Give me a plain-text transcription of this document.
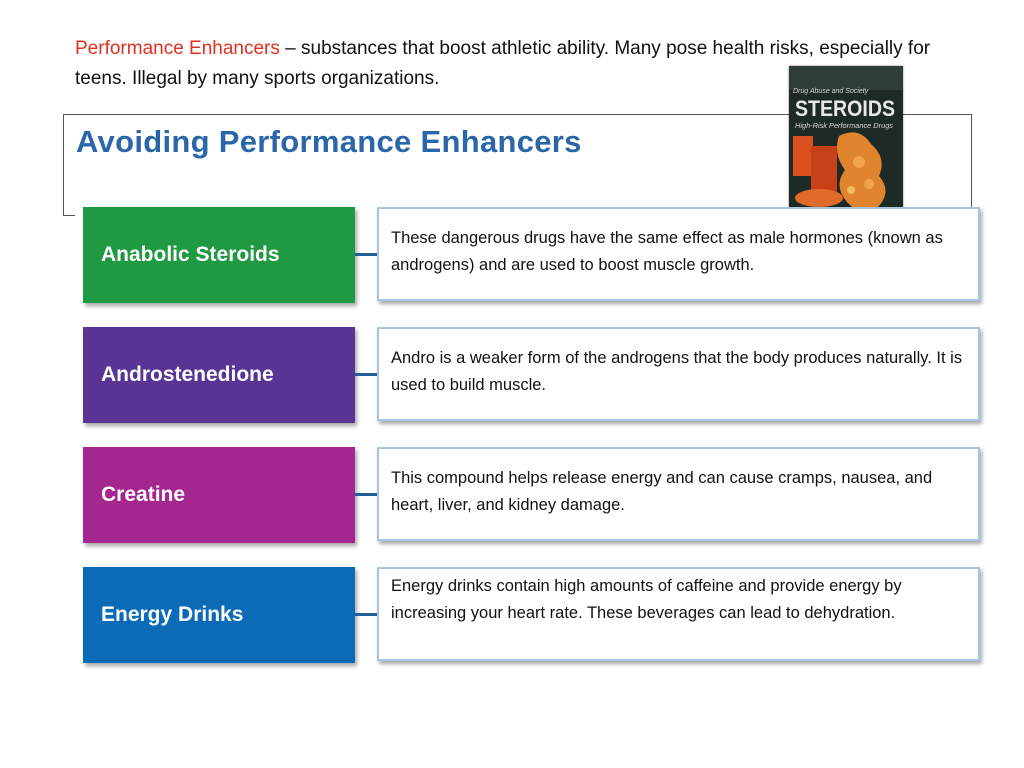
Performance Enhancers – substances that boost athletic ability. Many pose health risks, especially for teens. Illegal by many sports organizations.
Avoiding Performance Enhancers
Drug Abuse and Society
STEROIDS
High-Risk Performance Drugs
Anabolic Steroids
These dangerous drugs have the same effect as male hormones (known as androgens) and are used to boost muscle growth.
Androstenedione
Andro is a weaker form of the androgens that the body produces naturally. It is used to build muscle.
Creatine
This compound helps release energy and can cause cramps, nausea, and heart, liver, and kidney damage.
Energy Drinks
Energy drinks contain high amounts of caffeine and provide energy by increasing your heart rate. These beverages can lead to dehydration.
